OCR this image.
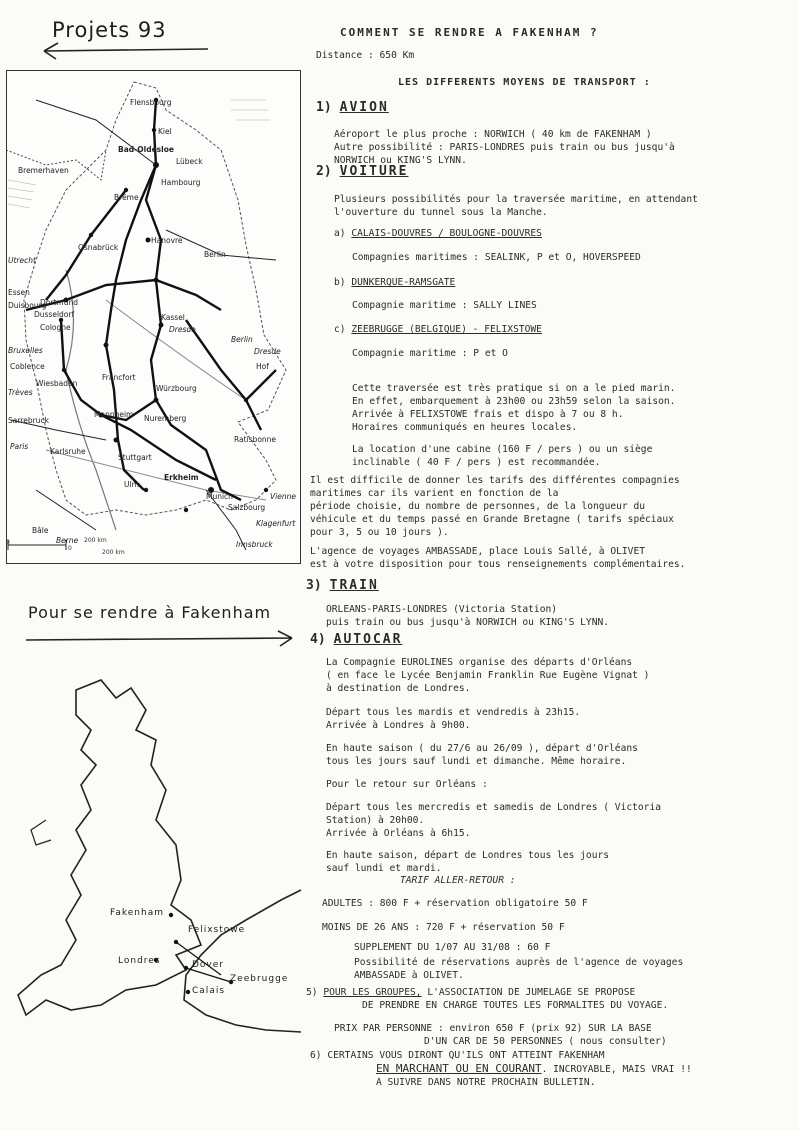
Projets 93
200 km
0
0	200 km
Flensbourg
Kiel
Bad-Oldesloe
Lübeck
Bremerhaven
Hambourg
Brême
Hanovre
Berlin
Osnabrück
Essen
Dortmund
Dusseldorf
Cologne
Kassel
Dresde
Berlin
Dresde
Hof
Coblence
Wiesbaden
Francfort
Würzbourg
Mannheim Nuremberg
Ratisbonne
Karlsruhe
Stuttgart
Ulm
Erkheim
Munich
Salzbourg
Vienne
Klagenfurt
Innsbruck
Bâle
Berne
Paris
Utrecht
Bruxelles
Trèves
Sarrebruck
Duisbourg
Pour se rendre à Fakenham
Fakenham
Felixstowe
Londres	Dover
Zeebrugge
Calais
COMMENT SE RENDRE A FAKENHAM ?
Distance : 650 Km
LES DIFFERENTS MOYENS DE TRANSPORT :
1) AVION
Aéroport le plus proche : NORWICH ( 40 km de FAKENHAM )
Autre possibilité : PARIS-LONDRES puis train ou bus jusqu'à
NORWICH ou KING'S LYNN.
2) VOITURE
Plusieurs possibilités pour la traversée maritime, en attendant
l'ouverture du tunnel sous la Manche.
a) CALAIS-DOUVRES / BOULOGNE-DOUVRES
Compagnies maritimes : SEALINK, P et O, HOVERSPEED
b) DUNKERQUE-RAMSGATE
Compagnie maritime : SALLY LINES
c) ZEEBRUGGE (BELGIQUE) - FELIXSTOWE
Compagnie maritime : P et O
Cette traversée est très pratique si on a le pied marin.
En effet, embarquement à 23h00 ou 23h59 selon la saison.
Arrivée à FELIXSTOWE frais et dispo à 7 ou 8 h.
Horaires communiqués en heures locales.
La location d'une cabine (160 F / pers ) ou un siège
inclinable ( 40 F / pers ) est recommandée.
Il est difficile de donner les tarifs des différentes compagnies
maritimes car ils varient en fonction de la
période choisie, du nombre de personnes, de la longueur du
véhicule et du temps passé en Grande Bretagne ( tarifs spéciaux
pour 3, 5 ou 10 jours ).
L'agence de voyages AMBASSADE, place Louis Sallé, à OLIVET
est à votre disposition pour tous renseignements complémentaires.
3) TRAIN
ORLEANS-PARIS-LONDRES (Victoria Station)
puis train ou bus jusqu'à NORWICH ou KING'S LYNN.
4) AUTOCAR
La Compagnie EUROLINES organise des départs d'Orléans
( en face le Lycée Benjamin Franklin Rue Eugène Vignat )
à destination de Londres.
Départ tous les mardis et vendredis à 23h15.
Arrivée à Londres à 9h00.
En haute saison ( du 27/6 au 26/09 ), départ d'Orléans
tous les jours sauf lundi et dimanche. Même horaire.
Pour le retour sur Orléans :
Départ tous les mercredis et samedis de Londres ( Victoria
Station) à 20h00.
Arrivée à Orléans à 6h15.
En haute saison, départ de Londres tous les jours
sauf lundi et mardi.
TARIF ALLER-RETOUR :
ADULTES : 800 F + réservation obligatoire 50 F
MOINS DE 26 ANS : 720 F + réservation 50 F
SUPPLEMENT DU 1/07 AU 31/08 : 60 F
Possibilité de réservations auprès de l'agence de voyages
AMBASSADE à OLIVET.
5) POUR LES GROUPES, L'ASSOCIATION DE JUMELAGE SE PROPOSE
DE PRENDRE EN CHARGE TOUTES LES FORMALITES DU VOYAGE.
PRIX PAR PERSONNE : environ 650 F (prix 92) SUR LA BASE
D'UN CAR DE 50 PERSONNES ( nous consulter)
6) CERTAINS VOUS DIRONT QU'ILS ONT ATTEINT FAKENHAM
EN MARCHANT OU EN COURANT. INCROYABLE, MAIS VRAI !!
A SUIVRE DANS NOTRE PROCHAIN BULLETIN.
